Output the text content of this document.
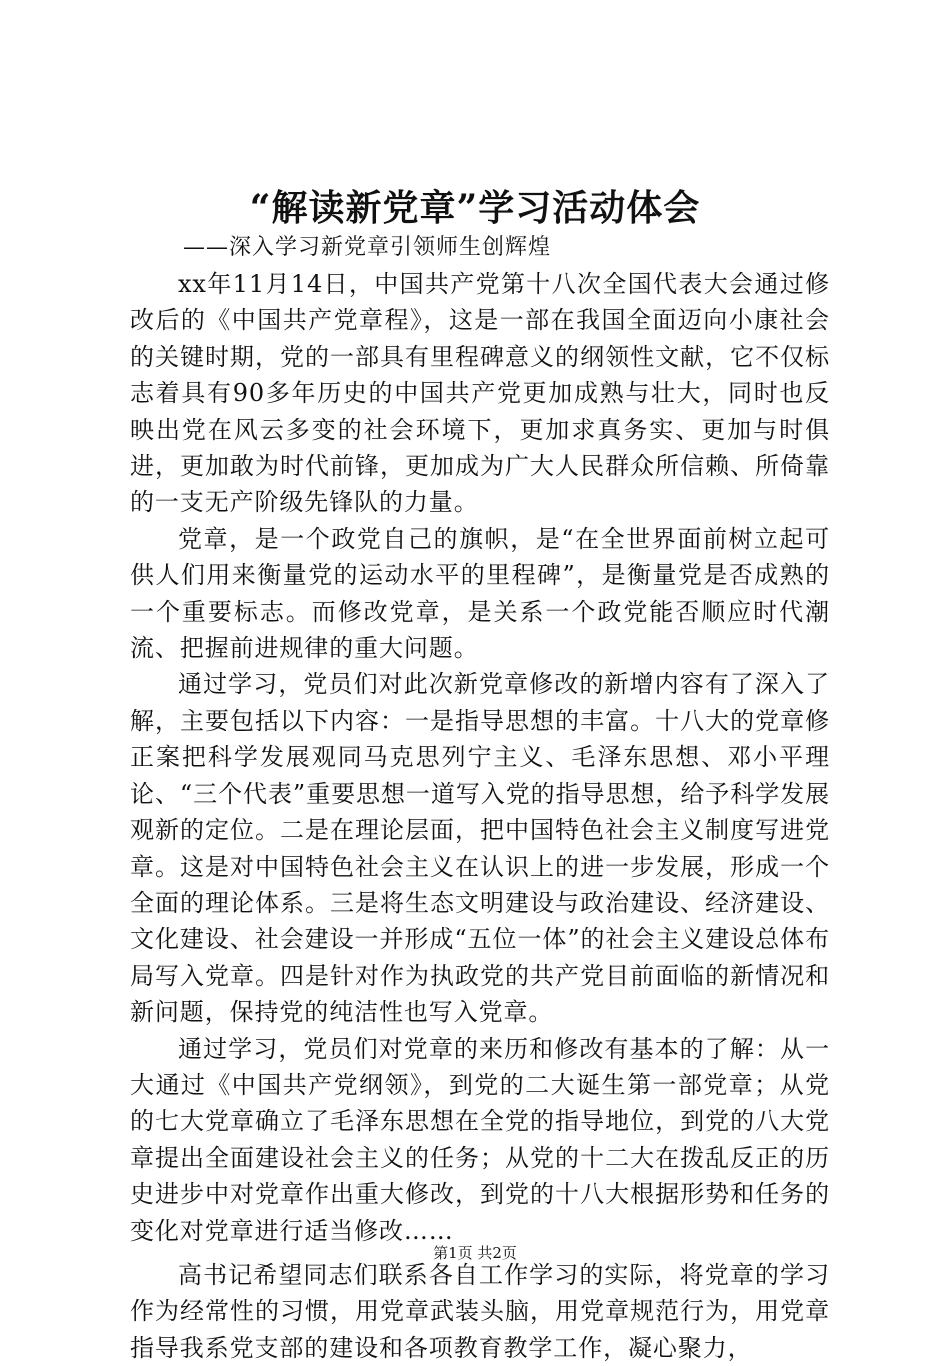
“解读新党章”学习活动体会

——深入学习新党章引领师生创辉煌

xx年11月14日，中国共产党第十八次全国代表大会通过修改后的《中国共产党章程》，这是一部在我国全面迈向小康社会的关键时期，党的一部具有里程碑意义的纲领性文献，它不仅标志着具有90多年历史的中国共产党更加成熟与壮大，同时也反映出党在风云多变的社会环境下，更加求真务实、更加与时俱进，更加敢为时代前锋，更加成为广大人民群众所信赖、所倚靠的一支无产阶级先锋队的力量。

党章，是一个政党自己的旗帜，是“在全世界面前树立起可供人们用来衡量党的运动水平的里程碑”，是衡量党是否成熟的一个重要标志。而修改党章，是关系一个政党能否顺应时代潮流、把握前进规律的重大问题。

通过学习，党员们对此次新党章修改的新增内容有了深入了解，主要包括以下内容：一是指导思想的丰富。十八大的党章修正案把科学发展观同马克思列宁主义、毛泽东思想、邓小平理论、“三个代表”重要思想一道写入党的指导思想，给予科学发展观新的定位。二是在理论层面，把中国特色社会主义制度写进党章。这是对中国特色社会主义在认识上的进一步发展，形成一个全面的理论体系。三是将生态文明建设与政治建设、经济建设、文化建设、社会建设一并形成“五位一体”的社会主义建设总体布局写入党章。四是针对作为执政党的共产党目前面临的新情况和新问题，保持党的纯洁性也写入党章。

通过学习，党员们对党章的来历和修改有基本的了解：从一大通过《中国共产党纲领》，到党的二大诞生第一部党章；从党的七大党章确立了毛泽东思想在全党的指导地位，到党的八大党章提出全面建设社会主义的任务；从党的十二大在拨乱反正的历史进步中对党章作出重大修改，到党的十八大根据形势和任务的变化对党章进行适当修改……

高书记希望同志们联系各自工作学习的实际，将党章的学习作为经常性的习惯，用党章武装头脑，用党章规范行为，用党章指导我系党支部的建设和各项教育教学工作，凝心聚力，

第1页 共2页
